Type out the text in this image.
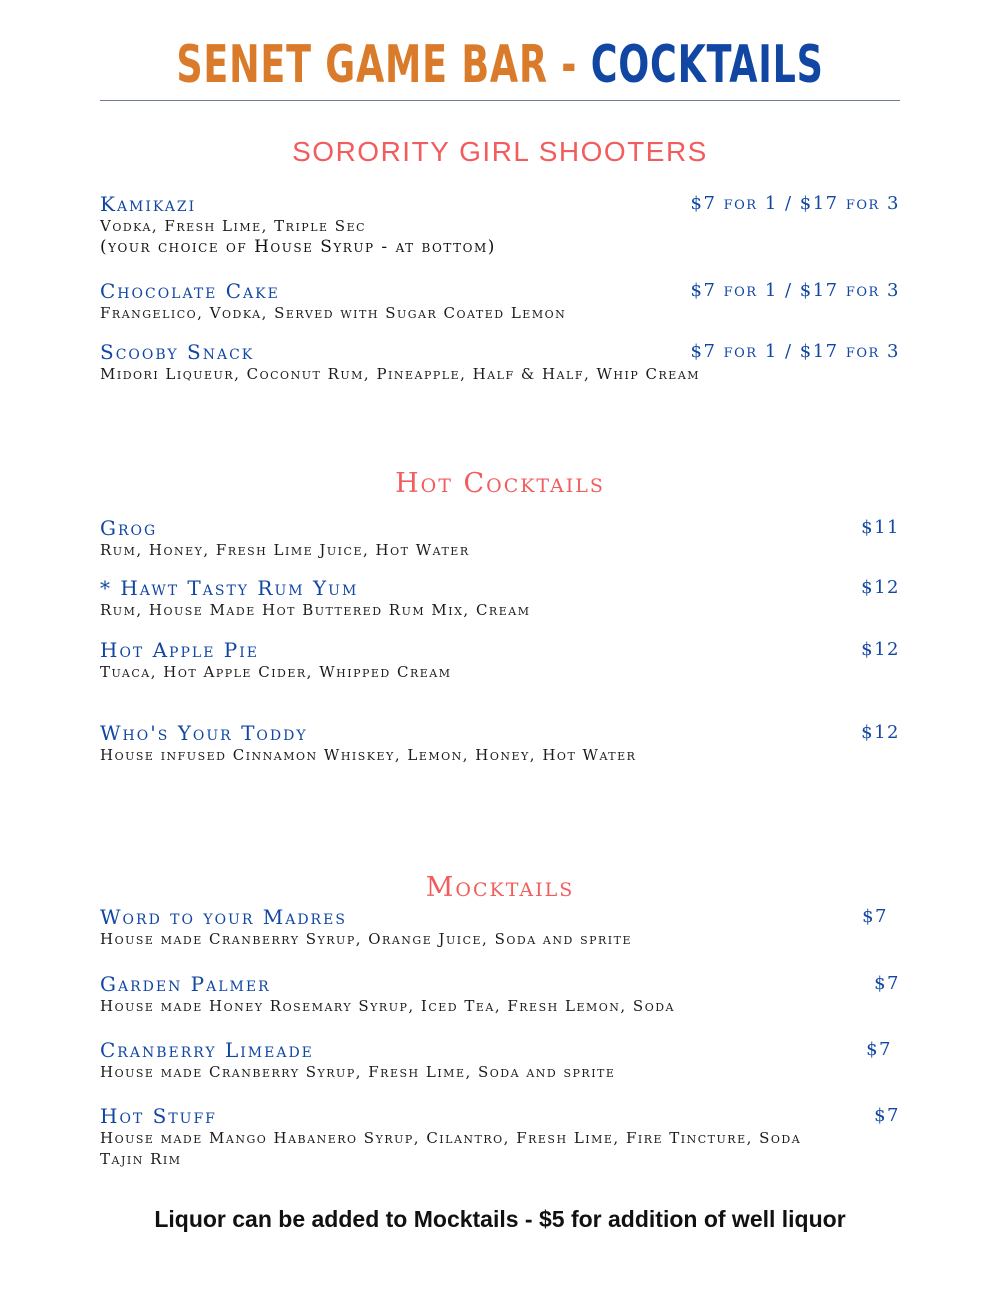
SENET GAME BAR - COCKTAILS
SORORITY GIRL SHOOTERS
Kamikazi	$7 for 1 / $17 for 3
Vodka, Fresh Lime, Triple Sec
(your choice of House Syrup - at bottom)
Chocolate Cake	$7 for 1 / $17 for 3
Frangelico, Vodka, Served with Sugar Coated Lemon
Scooby Snack	$7 for 1 / $17 for 3
Midori Liqueur, Coconut Rum, Pineapple, Half & Half, Whip Cream
Hot Cocktails
Grog	$11
Rum, Honey, Fresh Lime Juice, Hot Water
* Hawt Tasty Rum Yum	$12
Rum, House Made Hot Buttered Rum Mix, Cream
Hot Apple Pie	$12
Tuaca, Hot Apple Cider, Whipped Cream
Who's Your Toddy	$12
House infused Cinnamon Whiskey, Lemon, Honey, Hot Water
Mocktails
Word to your Madres	$7
House made Cranberry Syrup, Orange Juice, Soda and sprite
Garden Palmer	$7
House made Honey Rosemary Syrup, Iced Tea, Fresh Lemon, Soda
Cranberry Limeade	$7
House made Cranberry Syrup, Fresh Lime, Soda and sprite
Hot Stuff	$7
House made Mango Habanero Syrup, Cilantro, Fresh Lime, Fire Tincture, Soda
Tajin Rim
Liquor can be added to Mocktails - $5 for addition of well liquor
